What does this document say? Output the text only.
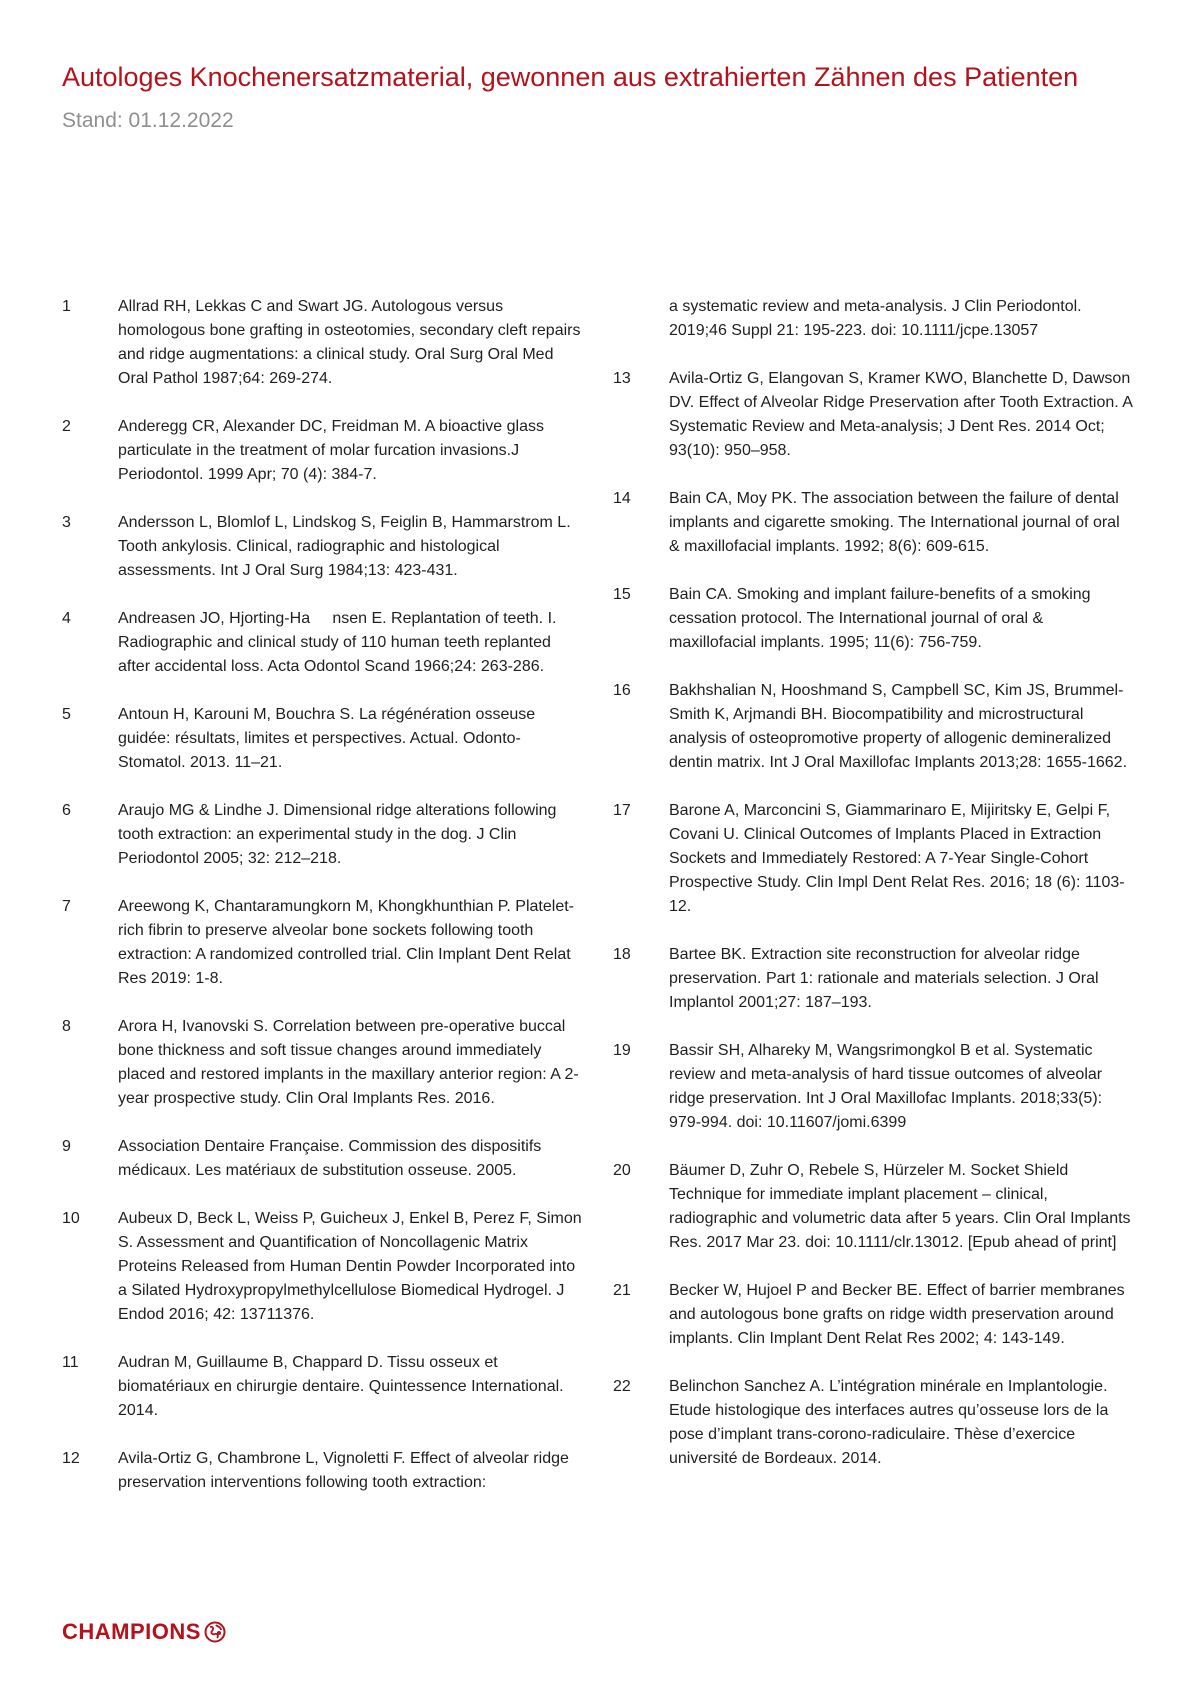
Autologes Knochenersatzmaterial, gewonnen aus extrahierten Zähnen des Patienten
Stand: 01.12.2022
1	Allrad RH, Lekkas C and Swart JG. Autologous versus homologous bone grafting in osteotomies, secondary cleft repairs and ridge augmentations: a clinical study. Oral Surg Oral Med Oral Pathol 1987;64: 269-274.
2	Anderegg CR, Alexander DC, Freidman M. A bioactive glass particulate in the treatment of molar furcation invasions.J Periodontol. 1999 Apr; 70 (4): 384-7.
3	Andersson L, Blomlof L, Lindskog S, Feiglin B, Hammarstrom L. Tooth ankylosis. Clinical, radiographic and histological assessments. Int J Oral Surg 1984;13: 423-431.
4	Andreasen JO, Hjorting-Ha     nsen E. Replantation of teeth. I. Radiographic and clinical study of 110 human teeth replanted after accidental loss. Acta Odontol Scand 1966;24: 263-286.
5	Antoun H, Karouni M, Bouchra S. La régénération osseuse guidée: résultats, limites et perspectives. Actual. Odonto-Stomatol. 2013. 11–21.
6	Araujo MG & Lindhe J. Dimensional ridge alterations following tooth extraction: an experimental study in the dog. J Clin Periodontol 2005; 32: 212–218.
7	Areewong K, Chantaramungkorn M, Khongkhunthian P. Platelet-rich fibrin to preserve alveolar bone sockets following tooth extraction: A randomized controlled trial. Clin Implant Dent Relat Res 2019: 1-8.
8	Arora H, Ivanovski S. Correlation between pre-operative buccal bone thickness and soft tissue changes around immediately placed and restored implants in the maxillary anterior region: A 2-year prospective study. Clin Oral Implants Res. 2016.
9	Association Dentaire Française. Commission des dispositifs médicaux. Les matériaux de substitution osseuse. 2005.
10	Aubeux D, Beck L, Weiss P, Guicheux J, Enkel B, Perez F, Simon S. Assessment and Quantification of Noncollagenic Matrix Proteins Released from Human Dentin Powder Incorporated into a Silated Hydroxypropylmethylcellulose Biomedical Hydrogel. J Endod 2016; 42: 13711376.
11	Audran M, Guillaume B, Chappard D. Tissu osseux et biomatériaux en chirurgie dentaire. Quintessence International. 2014.
12	Avila-Ortiz G, Chambrone L, Vignoletti F. Effect of alveolar ridge preservation interventions following tooth extraction:
a systematic review and meta-analysis. J Clin Periodontol. 2019;46 Suppl 21: 195-223. doi: 10.1111/jcpe.13057
13	Avila-Ortiz G, Elangovan S, Kramer KWO, Blanchette D, Dawson DV. Effect of Alveolar Ridge Preservation after Tooth Extraction. A Systematic Review and Meta-analysis; J Dent Res. 2014 Oct; 93(10): 950–958.
14	Bain CA, Moy PK. The association between the failure of dental implants and cigarette smoking. The International journal of oral & maxillofacial implants. 1992; 8(6): 609-615.
15	Bain CA. Smoking and implant failure-benefits of a smoking cessation protocol. The International journal of oral & maxillofacial implants. 1995; 11(6): 756-759.
16	Bakhshalian N, Hooshmand S, Campbell SC, Kim JS, Brummel-Smith K, Arjmandi BH. Biocompatibility and microstructural analysis of osteopromotive property of allogenic demineralized dentin matrix. Int J Oral Maxillofac Implants 2013;28: 1655-1662.
17	Barone A, Marconcini S, Giammarinaro E, Mijiritsky E, Gelpi F, Covani U. Clinical Outcomes of Implants Placed in Extraction Sockets and Immediately Restored: A 7-Year Single-Cohort Prospective Study. Clin Impl Dent Relat Res. 2016; 18 (6): 1103-12.
18	Bartee BK. Extraction site reconstruction for alveolar ridge preservation. Part 1: rationale and materials selection. J Oral Implantol 2001;27: 187–193.
19	Bassir SH, Alhareky M, Wangsrimongkol B et al. Systematic review and meta-analysis of hard tissue outcomes of alveolar ridge preservation. Int J Oral Maxillofac Implants. 2018;33(5): 979-994. doi: 10.11607/jomi.6399
20	Bäumer D, Zuhr O, Rebele S, Hürzeler M. Socket Shield Technique for immediate implant placement – clinical, radiographic and volumetric data after 5 years. Clin Oral Implants Res. 2017 Mar 23. doi: 10.1111/clr.13012. [Epub ahead of print]
21	Becker W, Hujoel P and Becker BE. Effect of barrier membranes and autologous bone grafts on ridge width preservation around implants. Clin Implant Dent Relat Res 2002; 4: 143-149.
22	Belinchon Sanchez A. L’intégration minérale en Implantologie. Etude histologique des interfaces autres qu’osseuse lors de la pose d’implant trans-corono-radiculaire. Thèse d’exercice université de Bordeaux. 2014.
CHAMPIONS
